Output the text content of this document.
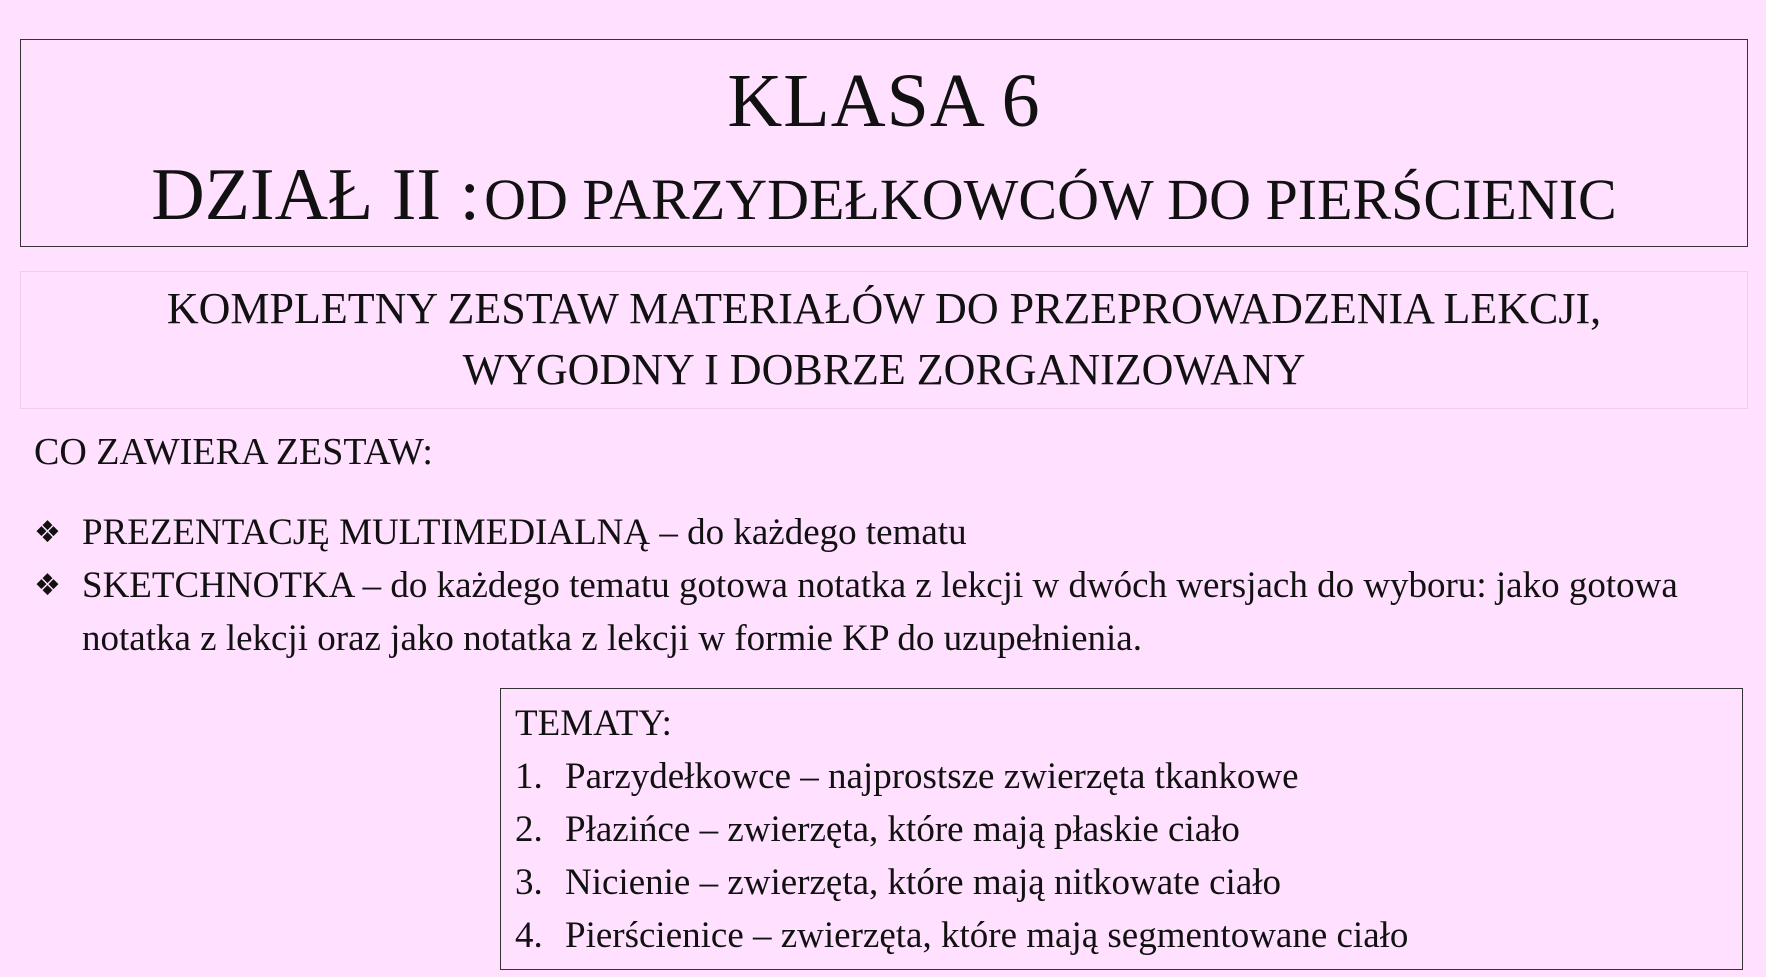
KLASA 6
DZIAŁ II : OD PARZYDEŁKOWCÓW DO PIERŚCIENIC
KOMPLETNY ZESTAW MATERIAŁÓW DO PRZEPROWADZENIA LEKCJI,
WYGODNY I DOBRZE ZORGANIZOWANY
CO ZAWIERA ZESTAW:
❖ PREZENTACJĘ MULTIMEDIALNĄ – do każdego tematu
❖ SKETCHNOTKA – do każdego tematu gotowa notatka z lekcji w dwóch wersjach do wyboru: jako gotowa notatka z lekcji oraz jako notatka z lekcji w formie KP do uzupełnienia.
TEMATY:
1. Parzydełkowce – najprostsze zwierzęta tkankowe
2. Płazińce – zwierzęta, które mają płaskie ciało
3. Nicienie – zwierzęta, które mają nitkowate ciało
4. Pierścienice – zwierzęta, które mają segmentowane ciało
